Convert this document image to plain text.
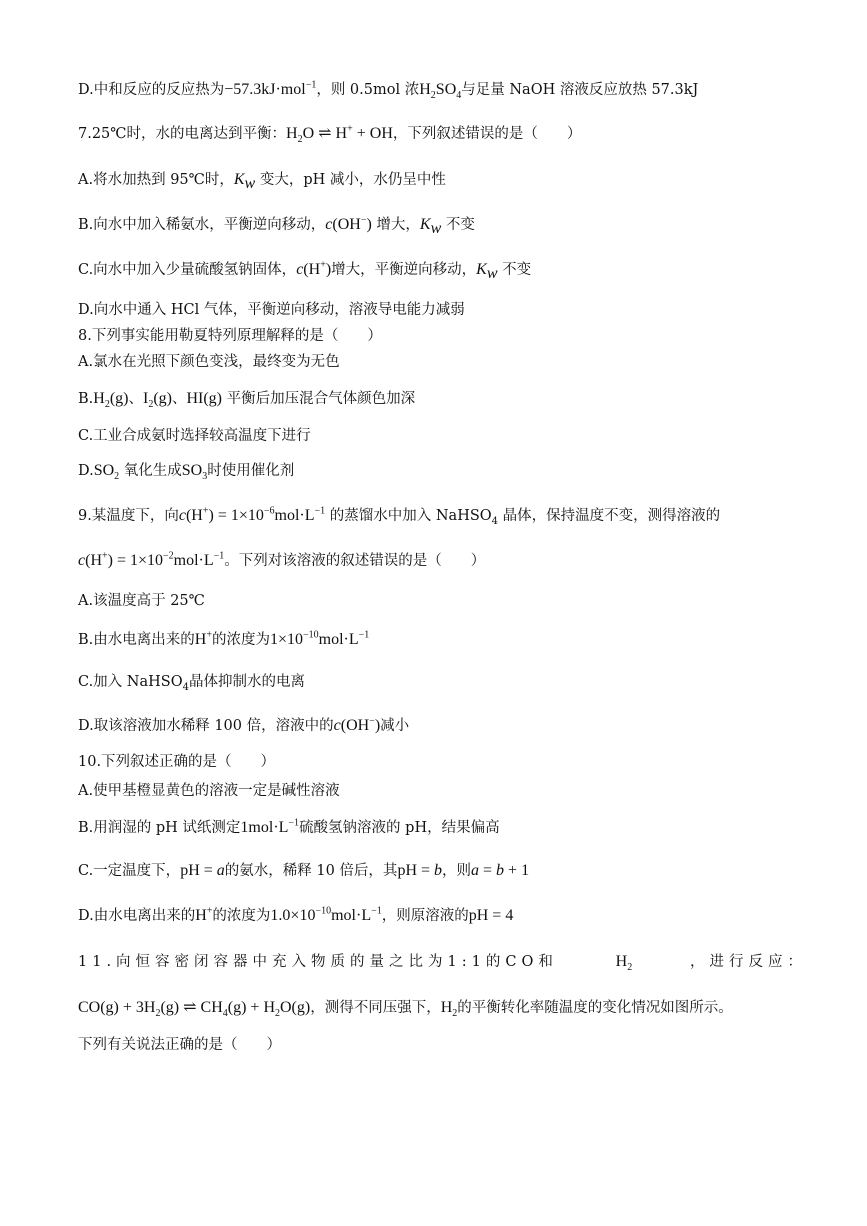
D.中和反应的反应热为−57.3kJ·mol$^{-1}$，则 0.5mol 浓$H_2SO_4$与足量 NaOH 溶液反应放热 57.3kJ
7.25℃时，水的电离达到平衡：$H_2O$ ⇌ H+ + OH，下列叙述错误的是（　　）
A.将水加热到 95℃时，$K_w$ 变大，pH 减小，水仍呈中性
B.向水中加入稀氨水，平衡逆向移动，c(OH−) 增大，$K_w$ 不变
C.向水中加入少量硫酸氢钠固体，c(H+)增大，平衡逆向移动，$K_w$ 不变
D.向水中通入 HCl 气体，平衡逆向移动，溶液导电能力减弱
8.下列事实能用勒夏特列原理解释的是（　　）
A.氯水在光照下颜色变浅，最终变为无色
$B.H_2(g)$、$I_2(g)$、HI(g) 平衡后加压混合气体颜色加深
C.工业合成氨时选择较高温度下进行
$D.SO_2$ 氧化生成$SO_3$时使用催化剂
9.某温度下，向$c(H^+) = 1\times 10^{-6}mol\cdot L^{-1}$ 的蒸馏水中加入 NaHSO$_4$ 晶体，保持温度不变，测得溶液的
$c(H^+) = 1\times 10^{-2}mol\cdot L^{-1}$。下列对该溶液的叙述错误的是（　　）
A.该温度高于 25℃
B.由水电离出来的H+的浓度为$1\times 10^{-10}mol\cdot L^{-1}$
C.加入 NaHSO$_4$晶体抑制水的电离
D.取该溶液加水稀释 100 倍，溶液中的c(OH−)减小
10.下列叙述正确的是（　　）
A.使甲基橙显黄色的溶液一定是碱性溶液
B.用润湿的 pH 试纸测定$1mol\cdot L^{-1}$硫酸氢钠溶液的 pH，结果偏高
C.一定温度下，pH = a的氨水，稀释 10 倍后，其pH = b，则a = b + 1
D.由水电离出来的H+的浓度为$1.0\times 10^{-10}mol\cdot L^{-1}$，则原溶液的pH = 4
11.向恒容密闭容器中充入物质的量之比为1:1的CO和	$H_2$	，进行反应：
$CO(g) + 3H_2(g)$ ⇌ $CH_4(g) + H_2O(g)$，测得不同压强下，$H_2$的平衡转化率随温度的变化情况如图所示。
下列有关说法正确的是（　　）
